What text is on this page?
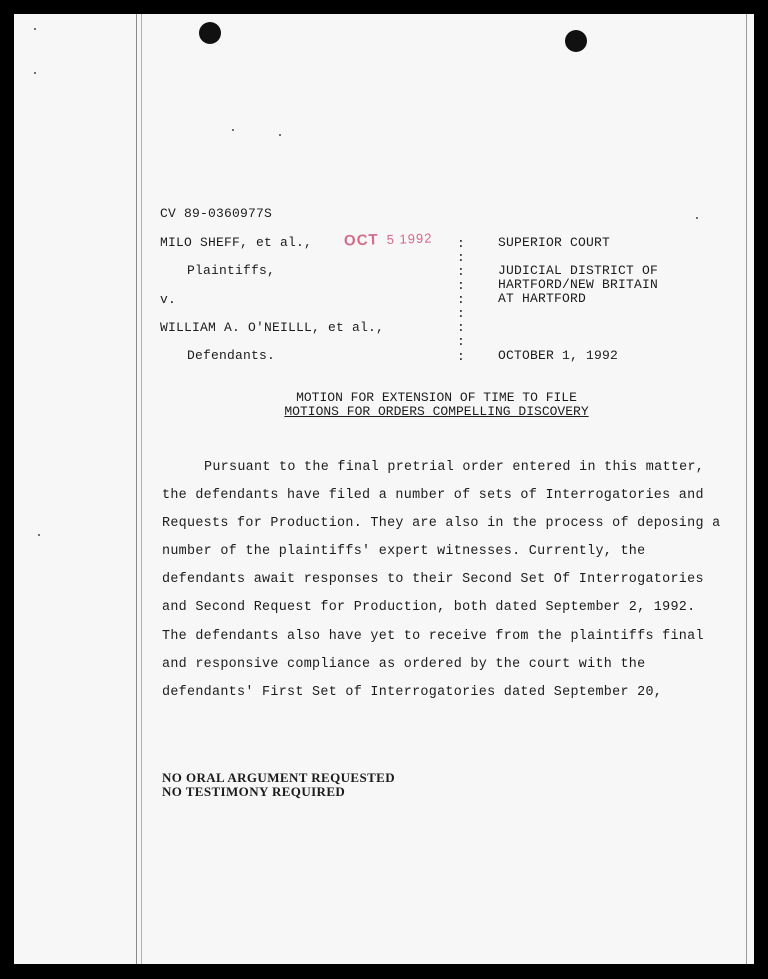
CV 89-0360977S
OCT 5 1992
MILO SHEFF, et al.,
Plaintiffs,
v.
WILLIAM A. O'NEILLL, et al.,
Defendants.
:
:
:
:
:
:
:
:
:
SUPERIOR COURT
JUDICIAL DISTRICT OF
HARTFORD/NEW BRITAIN
AT HARTFORD
OCTOBER 1, 1992
MOTION FOR EXTENSION OF TIME TO FILE
MOTIONS FOR ORDERS COMPELLING DISCOVERY
Pursuant to the final pretrial order entered in this matter, the defendants have filed a number of sets of Interrogatories and Requests for Production. They are also in the process of deposing a number of the plaintiffs' expert witnesses. Currently, the defendants await responses to their Second Set Of Interrogatories and Second Request for Production, both dated September 2, 1992. The defendants also have yet to receive from the plaintiffs final and responsive compliance as ordered by the court with the defendants' First Set of Interrogatories dated September 20,
NO ORAL ARGUMENT REQUESTED
NO TESTIMONY REQUIRED
